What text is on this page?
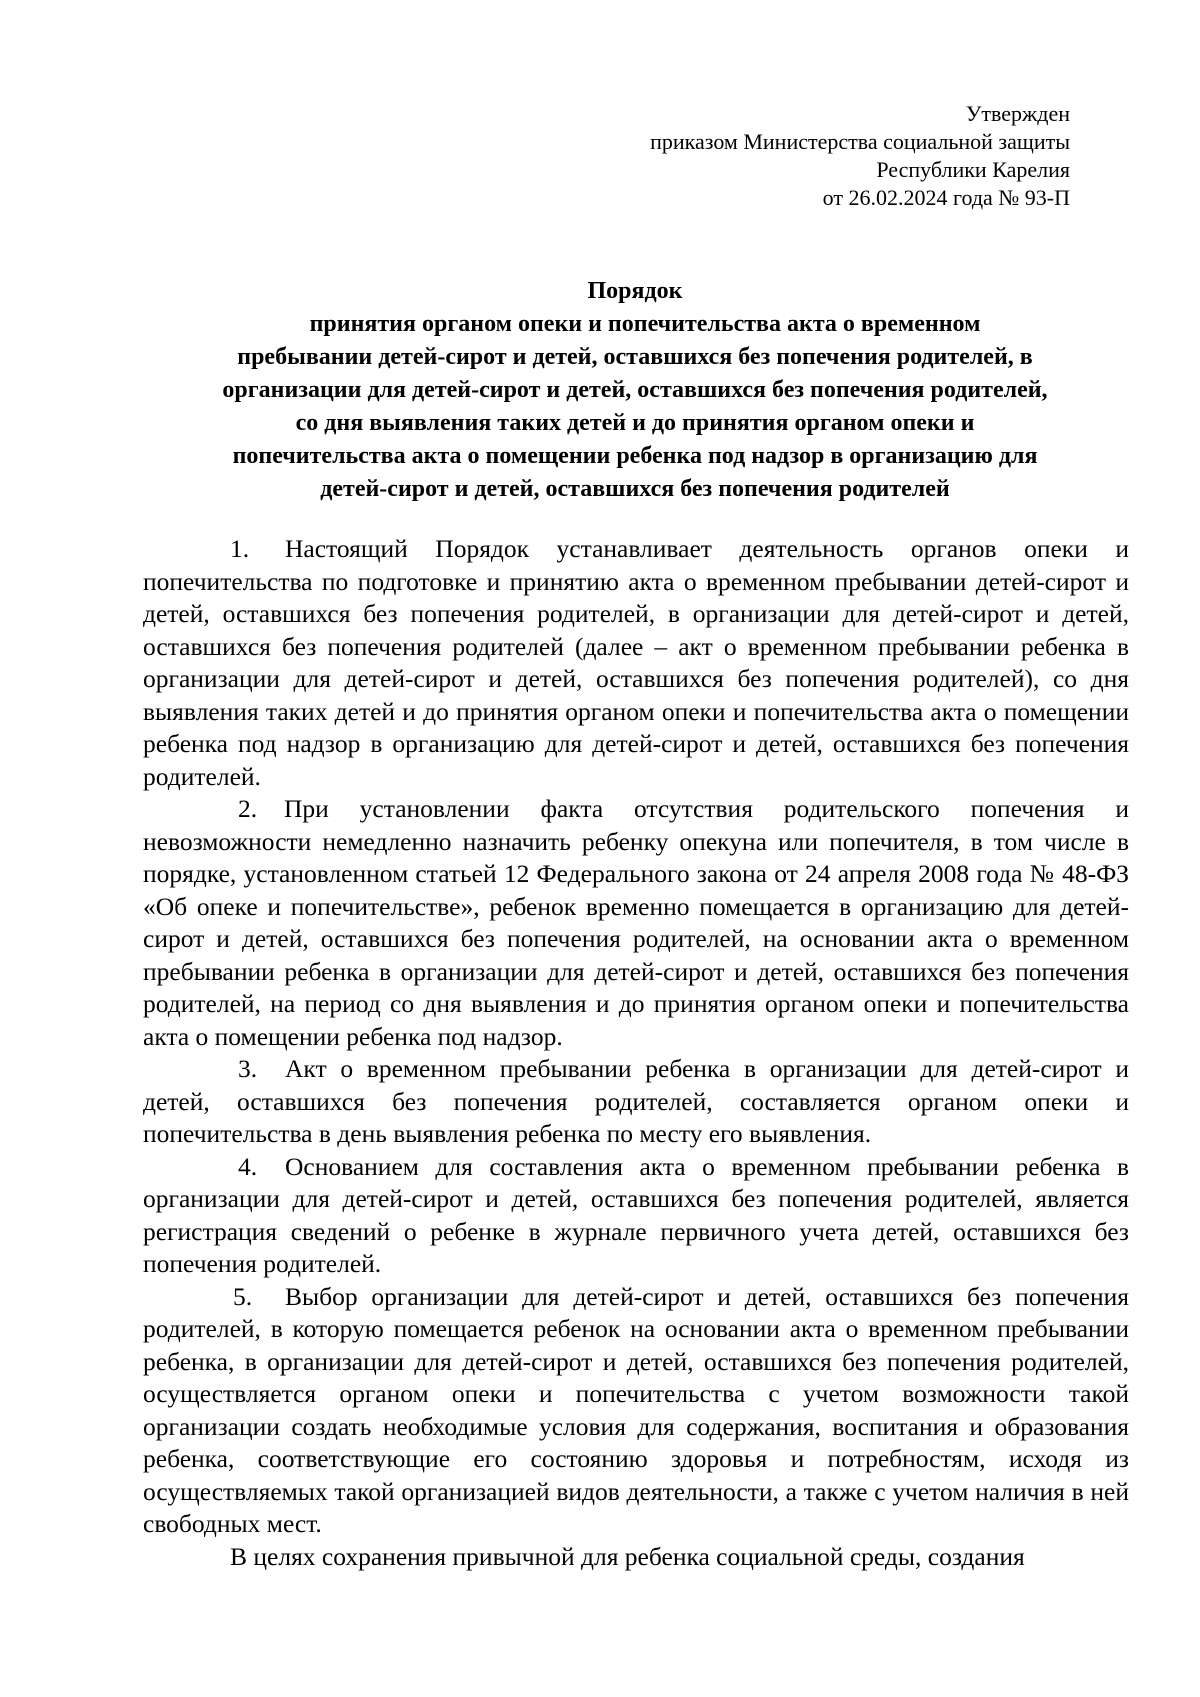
Утвержден
приказом Министерства социальной защиты
Республики Карелия
от 26.02.2024 года № 93-П
Порядок
принятия органом опеки и попечительства акта о временном
пребывании детей-сирот и детей, оставшихся без попечения родителей, в
организации для детей-сирот и детей, оставшихся без попечения родителей,
со дня выявления таких детей и до принятия органом опеки и
попечительства акта о помещении ребенка под надзор в организацию для
детей-сирот и детей, оставшихся без попечения родителей

1. Настоящий Порядок устанавливает деятельность органов опеки и попечительства по подготовке и принятию акта о временном пребывании детей-сирот и детей, оставшихся без попечения родителей, в организации для детей-сирот и детей, оставшихся без попечения родителей (далее – акт о временном пребывании ребенка в организации для детей-сирот и детей, оставшихся без попечения родителей), со дня выявления таких детей и до принятия органом опеки и попечительства акта о помещении ребенка под надзор в организацию для детей-сирот и детей, оставшихся без попечения родителей.

2. При установлении факта отсутствия родительского попечения и невозможности немедленно назначить ребенку опекуна или попечителя, в том числе в порядке, установленном статьей 12 Федерального закона от 24 апреля 2008 года № 48-ФЗ «Об опеке и попечительстве», ребенок временно помещается в организацию для детей-сирот и детей, оставшихся без попечения родителей, на основании акта о временном пребывании ребенка в организации для детей-сирот и детей, оставшихся без попечения родителей, на период со дня выявления и до принятия органом опеки и попечительства акта о помещении ребенка под надзор.

3. Акт о временном пребывании ребенка в организации для детей-сирот и детей, оставшихся без попечения родителей, составляется органом опеки и попечительства в день выявления ребенка по месту его выявления.

4. Основанием для составления акта о временном пребывании ребенка в организации для детей-сирот и детей, оставшихся без попечения родителей, является регистрация сведений о ребенке в журнале первичного учета детей, оставшихся без попечения родителей.

5. Выбор организации для детей-сирот и детей, оставшихся без попечения родителей, в которую помещается ребенок на основании акта о временном пребывании ребенка, в организации для детей-сирот и детей, оставшихся без попечения родителей, осуществляется органом опеки и попечительства с учетом возможности такой организации создать необходимые условия для содержания, воспитания и образования ребенка, соответствующие его состоянию здоровья и потребностям, исходя из осуществляемых такой организацией видов деятельности, а также с учетом наличия в ней свободных мест.

В целях сохранения привычной для ребенка социальной среды, создания
